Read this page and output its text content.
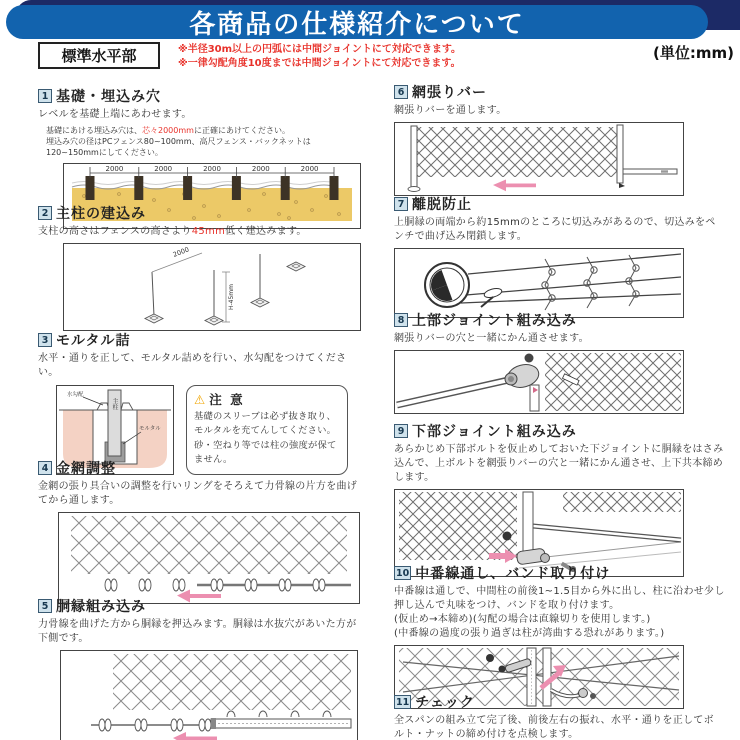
各商品の仕様紹介について
標準水平部	※半径30m以上の円弧には中間ジョイントにて対応できます。
※一律勾配角度10度までは中間ジョイントにて対応できます。
(単位:mm)
1 基礎・埋込み穴
レベルを基礎上端にあわせます。
基礎にあける埋込み穴は、芯々2000mmに正確にあけてください。
埋込み穴の径はPCフェンス80~100mm、高尺フェンス・バックネットは120~150mmにしてください。
2000	2000	2000	2000	2000
2 主柱の建込み
支柱の高さはフェンスの高さより45mm低く建込みます。
2000
H-45mm
3 モルタル詰
水平・通りを正して、モルタル詰めを行い、水勾配をつけてください。
主柱
水勾配
モルタル
⚠ 注 意
基礎のスリーブは必ず抜き取り、モルタルを充てんしてください。砂・空ねり等では柱の強度が保てません。
4 金網調整
金網の張り具合いの調整を行いリングをそろえて力骨線の片方を曲げてから通します。
5 胴縁組み込み
力骨線を曲げた方から胴縁を押込みます。胴縁は水抜穴があいた方が下側です。
6 網張りバー
網張りバーを通します。
7 離脱防止
上胴縁の両端から約15mmのところに切込みがあるので、切込みをペンチで曲げ込み閉鎖します。
8 上部ジョイント組み込み
網張りバーの穴と一緒にかん通させます。
9 下部ジョイント組み込み
あらかじめ下部ボルトを仮止めしておいた下ジョイントに胴縁をはさみ込んで、上ボルトを網張りバーの穴と一緒にかん通させ、上下共本締めします。
10 中番線通し、バンド取り付け
中番線は通しで、中間柱の前後1~1.5目から外に出し、柱に沿わせ少し押し込んで丸味をつけ、バンドを取り付けます。
(仮止め→本締め)(勾配の場合は直線切りを使用します。)
(中番線の過度の張り過ぎは柱が湾曲する恐れがあります。)
11 チェック
全スパンの組み立て完了後、前後左右の振れ、水平・通りを正してボルト・ナットの締め付けを点検します。
